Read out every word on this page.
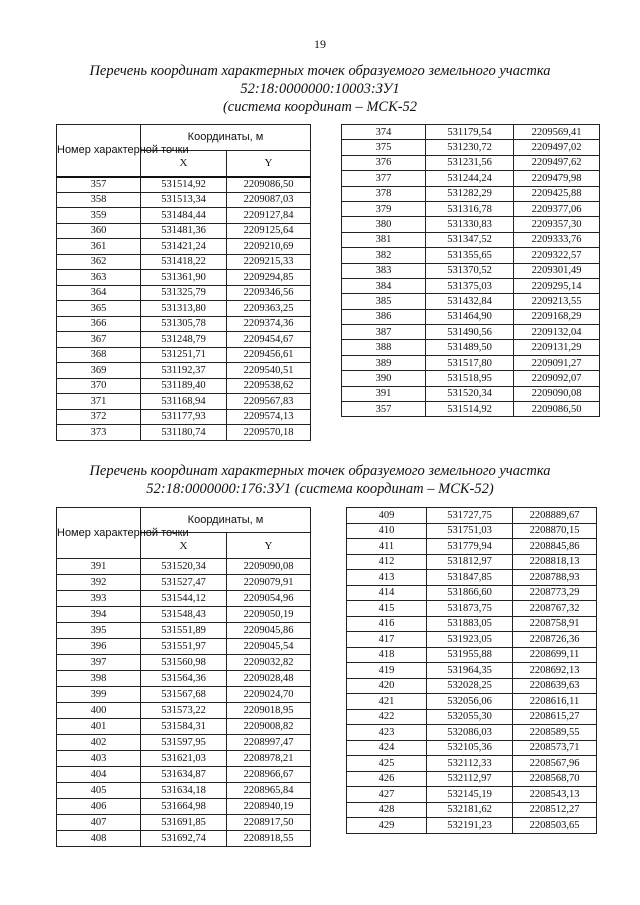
19
Перечень координат характерных точек образуемого земельного участка
52:18:0000000:10003:ЗУ1
(система координат – МСК-52
Номер характерной точки	Координаты, м	
	X	Y
357	531514,92	2209086,50
358	531513,34	2209087,03
359	531484,44	2209127,84
360	531481,36	2209125,64
361	531421,24	2209210,69
362	531418,22	2209215,33
363	531361,90	2209294,85
364	531325,79	2209346,56
365	531313,80	2209363,25
366	531305,78	2209374,36
367	531248,79	2209454,67
368	531251,71	2209456,61
369	531192,37	2209540,51
370	531189,40	2209538,62
371	531168,94	2209567,83
372	531177,93	2209574,13
373	531180,74	2209570,18
374	531179,54	2209569,41
375	531230,72	2209497,02
376	531231,56	2209497,62
377	531244,24	2209479,98
378	531282,29	2209425,88
379	531316,78	2209377,06
380	531330,83	2209357,30
381	531347,52	2209333,76
382	531355,65	2209322,57
383	531370,52	2209301,49
384	531375,03	2209295,14
385	531432,84	2209213,55
386	531464,90	2209168,29
387	531490,56	2209132,04
388	531489,50	2209131,29
389	531517,80	2209091,27
390	531518,95	2209092,07
391	531520,34	2209090,08
357	531514,92	2209086,50
Перечень координат характерных точек образуемого земельного участка
52:18:0000000:176:ЗУ1 (система координат – МСК-52)
Номер характерной точки	Координаты, м	
	X	Y
391	531520,34	2209090,08
392	531527,47	2209079,91
393	531544,12	2209054,96
394	531548,43	2209050,19
395	531551,89	2209045,86
396	531551,97	2209045,54
397	531560,98	2209032,82
398	531564,36	2209028,48
399	531567,68	2209024,70
400	531573,22	2209018,95
401	531584,31	2209008,82
402	531597,95	2208997,47
403	531621,03	2208978,21
404	531634,87	2208966,67
405	531634,18	2208965,84
406	531664,98	2208940,19
407	531691,85	2208917,50
408	531692,74	2208918,55
409	531727,75	2208889,67
410	531751,03	2208870,15
411	531779,94	2208845,86
412	531812,97	2208818,13
413	531847,85	2208788,93
414	531866,60	2208773,29
415	531873,75	2208767,32
416	531883,05	2208758,91
417	531923,05	2208726,36
418	531955,88	2208699,11
419	531964,35	2208692,13
420	532028,25	2208639,63
421	532056,06	2208616,11
422	532055,30	2208615,27
423	532086,03	2208589,55
424	532105,36	2208573,71
425	532112,33	2208567,96
426	532112,97	2208568,70
427	532145,19	2208543,13
428	532181,62	2208512,27
429	532191,23	2208503,65
